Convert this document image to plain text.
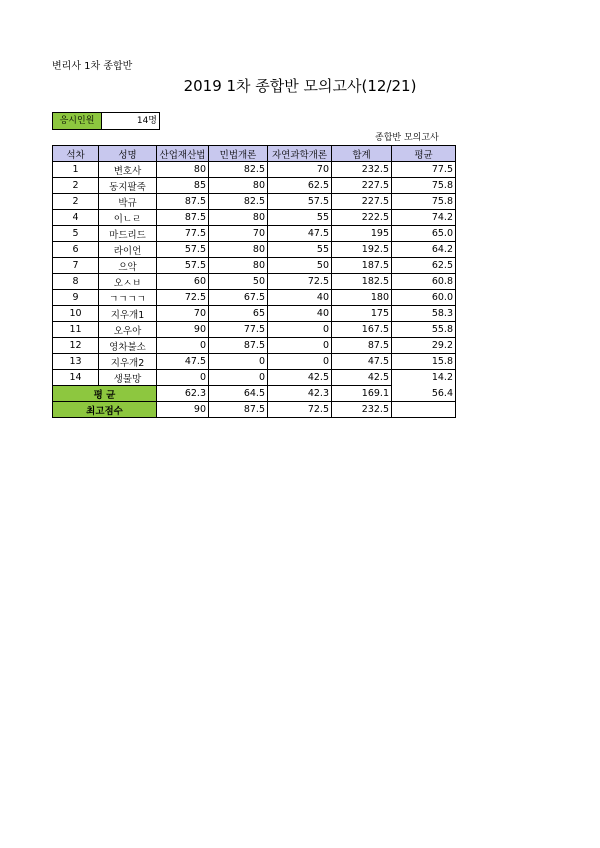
변리사 1차 종합반
2019 1차 종합반 모의고사(12/21)
응시인원	14명
종합반 모의고사
석차	성명	산업재산법	민법개론	자연과학개론	합계	평균
1	변호사	80	82.5	70	232.5	77.5
2	동지팔죽	85	80	62.5	227.5	75.8
2	박규	87.5	82.5	57.5	227.5	75.8
4	이ㄴㄹ	87.5	80	55	222.5	74.2
5	마드리드	77.5	70	47.5	195	65.0
6	라이언	57.5	80	55	192.5	64.2
7	으악	57.5	80	50	187.5	62.5
8	오ㅅㅂ	60	50	72.5	182.5	60.8
9	ㄱㄱㄱㄱ	72.5	67.5	40	180	60.0
10	지우개1	70	65	40	175	58.3
11	오우아	90	77.5	0	167.5	55.8
12	영차불소	0	87.5	0	87.5	29.2
13	지우개2	47.5	0	0	47.5	15.8
14	생물망	0	0	42.5	42.5	14.2
평 균		62.3	64.5	42.3	169.1	56.4
최고점수		90	87.5	72.5	232.5	
